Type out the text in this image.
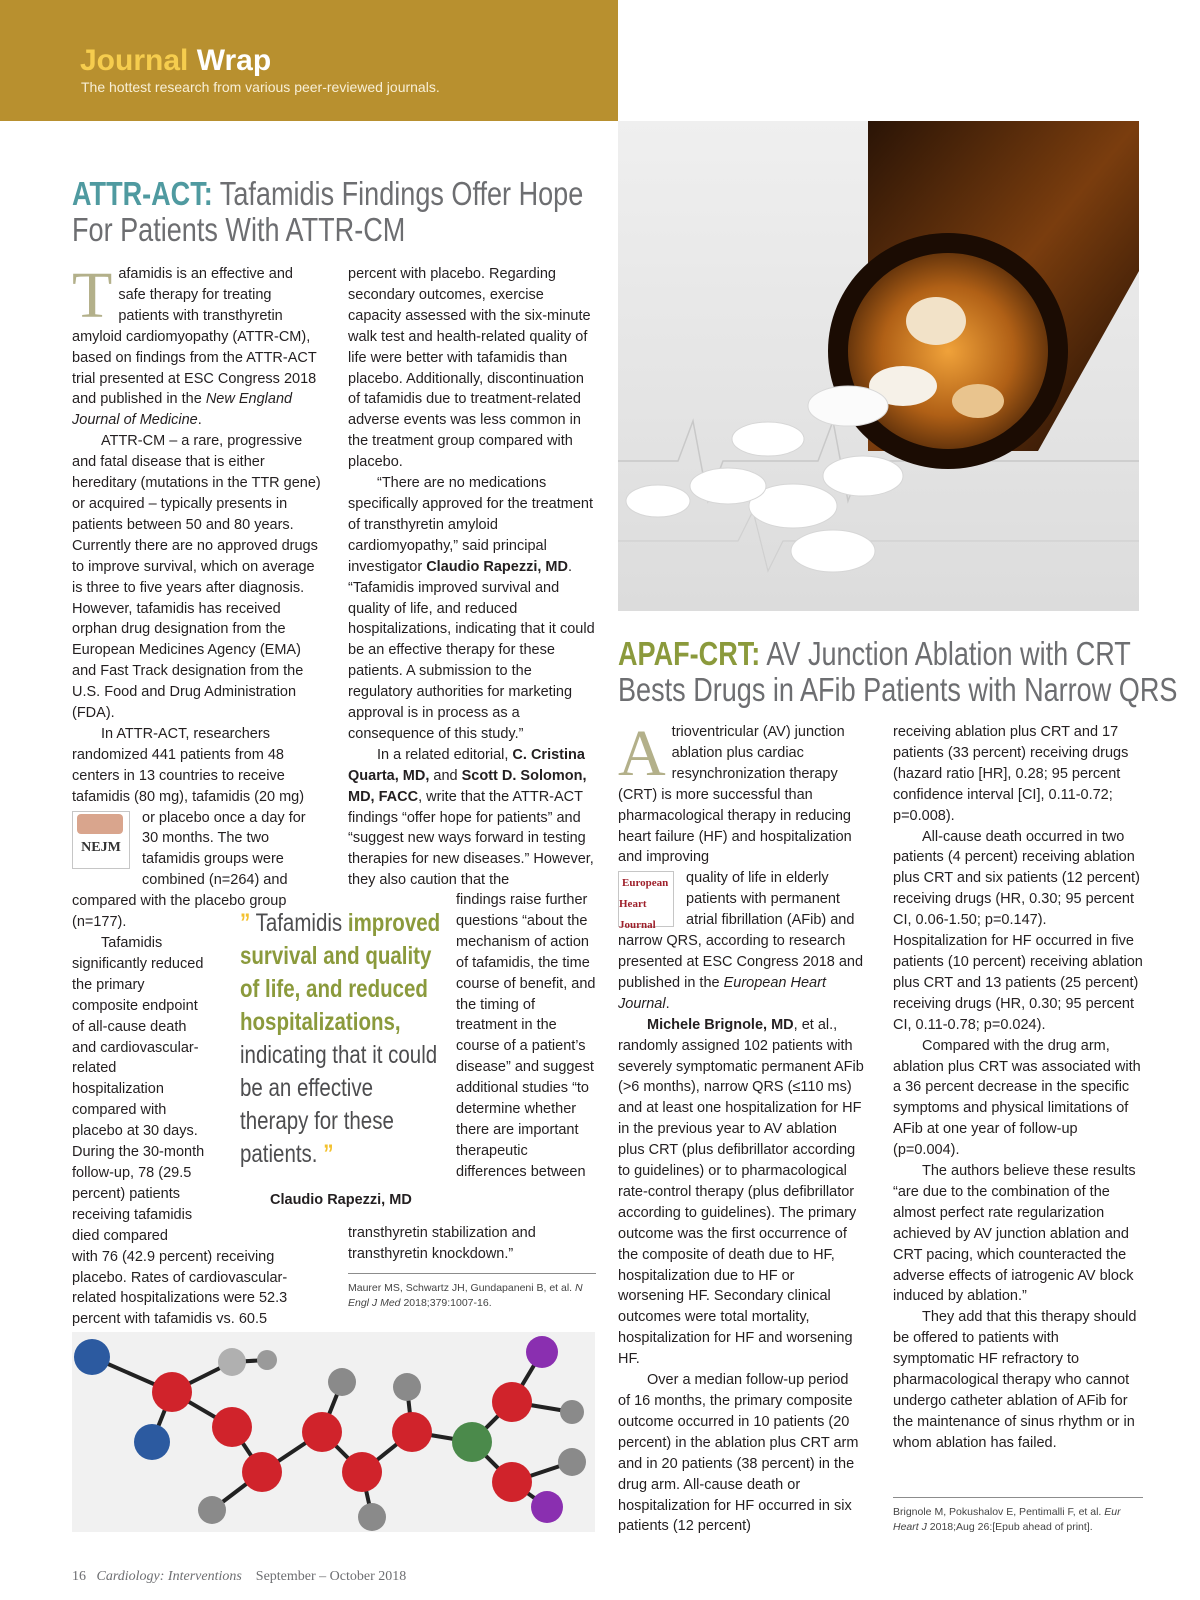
Journal Wrap
The hottest research from various peer-reviewed journals.
ATTR-ACT: Tafamidis Findings Offer Hope
For Patients With ATTR-CM

Tafamidis is an effective and safe therapy for treating patients with transthyretin amyloid cardiomyopathy (ATTR-CM), based on findings from the ATTR-ACT trial presented at ESC Congress 2018 and published in the New England Journal of Medicine.

ATTR-CM – a rare, progressive and fatal disease that is either hereditary (mutations in the TTR gene) or acquired – typically presents in patients between 50 and 80 years. Currently there are no approved drugs to improve survival, which on average is three to five years after diagnosis. However, tafamidis has received orphan drug designation from the European Medicines Agency (EMA) and Fast Track designation from the U.S. Food and Drug Administration (FDA).

In ATTR-ACT, researchers randomized 441 patients from 48 centers in 13 countries to receive tafamidis (80 mg), tafamidis (20 mg)

NEJM
or placebo once a day for 30 months. The two tafamidis groups were combined (n=264) and compared with the placebo group (n=177).

Tafamidis significantly reduced the primary composite endpoint of all-cause death and cardiovascular-related hospitalization compared with placebo at 30 days. During the 30-month follow-up, 78 (29.5 percent) patients receiving tafamidis died compared

with 76 (42.9 percent) receiving placebo. Rates of cardiovascular-related hospitalizations were 52.3 percent with tafamidis vs. 60.5

percent with placebo. Regarding secondary outcomes, exercise capacity assessed with the six-minute walk test and health-related quality of life were better with tafamidis than placebo. Additionally, discontinuation of tafamidis due to treatment-related adverse events was less common in the treatment group compared with placebo.

“There are no medications specifically approved for the treatment of transthyretin amyloid cardiomyopathy,” said principal investigator Claudio Rapezzi, MD. “Tafamidis improved survival and quality of life, and reduced hospitalizations, indicating that it could be an effective therapy for these patients. A submission to the regulatory authorities for marketing approval is in process as a consequence of this study.”

In a related editorial, C. Cristina Quarta, MD, and Scott D. Solomon, MD, FACC, write that the ATTR-ACT findings “offer hope for patients” and “suggest new ways forward in testing therapies for new diseases.” However, they also caution that the

findings raise further questions “about the mechanism of action of tafamidis, the time course of benefit, and the timing of treatment in the course of a patient’s disease” and suggest additional studies “to determine whether there are important therapeutic differences between
transthyretin stabilization and transthyretin knockdown.”
” Tafamidis improved survival and quality of life, and reduced hospitalizations, indicating that it could be an effective therapy for these patients. ”
Claudio Rapezzi, MD
Maurer MS, Schwartz JH, Gundapaneni B, et al. N Engl J Med 2018;379:1007-16.
APAF-CRT: AV Junction Ablation with CRT
Bests Drugs in AFib Patients with Narrow QRS

Atrioventricular (AV) junction ablation plus cardiac resynchronization therapy (CRT) is more successful than pharmacological therapy in reducing heart failure (HF) and hospitalization and improving

European
Heart
Journal
quality of life in elderly patients with permanent atrial fibrillation (AFib) and narrow QRS, according to research presented at ESC Congress 2018 and published in the European Heart Journal.

Michele Brignole, MD, et al., randomly assigned 102 patients with severely symptomatic permanent AFib (>6 months), narrow QRS (≤110 ms) and at least one hospitalization for HF in the previous year to AV ablation plus CRT (plus defibrillator according to guidelines) or to pharmacological rate-control therapy (plus defibrillator according to guidelines). The primary outcome was the first occurrence of the composite of death due to HF, hospitalization due to HF or worsening HF. Secondary clinical outcomes were total mortality, hospitalization for HF and worsening HF.

Over a median follow-up period of 16 months, the primary composite outcome occurred in 10 patients (20 percent) in the ablation plus CRT arm and in 20 patients (38 percent) in the drug arm. All-cause death or hospitalization for HF occurred in six patients (12 percent)

receiving ablation plus CRT and 17 patients (33 percent) receiving drugs (hazard ratio [HR], 0.28; 95 percent confidence interval [CI], 0.11-0.72; p=0.008).

All-cause death occurred in two patients (4 percent) receiving ablation plus CRT and six patients (12 percent) receiving drugs (HR, 0.30; 95 percent CI, 0.06-1.50; p=0.147). Hospitalization for HF occurred in five patients (10 percent) receiving ablation plus CRT and 13 patients (25 percent) receiving drugs (HR, 0.30; 95 percent CI, 0.11-0.78; p=0.024).

Compared with the drug arm, ablation plus CRT was associated with a 36 percent decrease in the specific symptoms and physical limitations of AFib at one year of follow-up (p=0.004).

The authors believe these results “are due to the combination of the almost perfect rate regularization achieved by AV junction ablation and CRT pacing, which counteracted the adverse effects of iatrogenic AV block induced by ablation.”

They add that this therapy should be offered to patients with symptomatic HF refractory to pharmacological therapy who cannot undergo catheter ablation of AFib for the maintenance of sinus rhythm or in whom ablation has failed.

Brignole M, Pokushalov E, Pentimalli F, et al. Eur Heart J 2018;Aug 26:[Epub ahead of print].
16 Cardiology: Interventions September – October 2018
